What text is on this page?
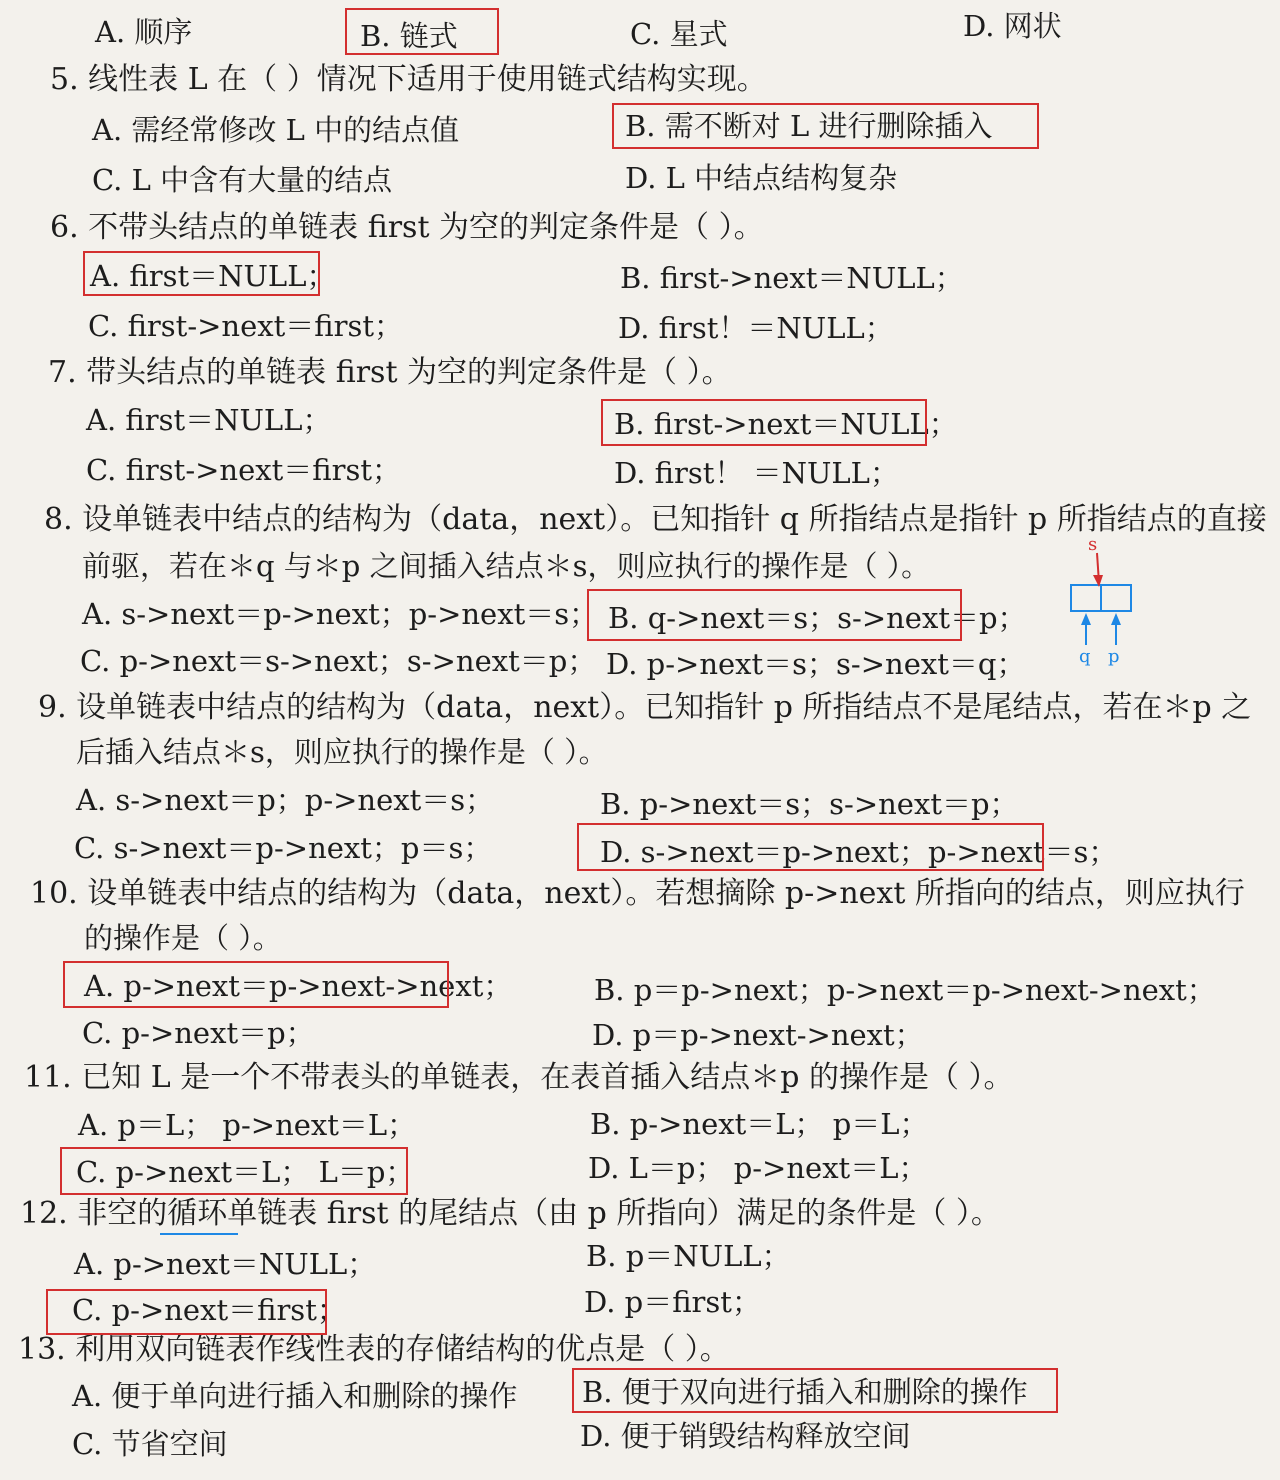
A. 顺序	B. 链式	C. 星式	D. 网状
5. 线性表 L 在（ ）情况下适用于使用链式结构实现。
A. 需经常修改 L 中的结点值	B. 需不断对 L 进行删除插入
C. L 中含有大量的结点	D. L 中结点结构复杂
6. 不带头结点的单链表 first 为空的判定条件是（ ）。
A. first＝NULL；	B. first->next＝NULL；
C. first->next＝first；	D. first！＝NULL；
7. 带头结点的单链表 first 为空的判定条件是（ ）。
A. first＝NULL；	B. first->next＝NULL；
C. first->next＝first；	D. first！ ＝NULL；
8. 设单链表中结点的结构为（data，next）。已知指针 q 所指结点是指针 p 所指结点的直接
前驱，若在＊q 与＊p 之间插入结点＊s，则应执行的操作是（ ）。
A. s->next＝p->next；p->next＝s； B. q->next＝s；s->next＝p；
C. p->next＝s->next；s->next＝p； D. p->next＝s；s->next＝q；
9. 设单链表中结点的结构为（data，next）。已知指针 p 所指结点不是尾结点，若在＊p 之
后插入结点＊s，则应执行的操作是（ ）。
A. s->next＝p；p->next＝s；	B. p->next＝s；s->next＝p；
C. s->next＝p->next；p＝s；	D. s->next＝p->next；p->next＝s；
10. 设单链表中结点的结构为（data，next）。若想摘除 p->next 所指向的结点，则应执行
的操作是（ ）。
A. p->next＝p->next->next；	B. p＝p->next；p->next＝p->next->next；
C. p->next＝p；	D. p＝p->next->next；
11. 已知 L 是一个不带表头的单链表，在表首插入结点＊p 的操作是（ ）。
A. p＝L； p->next＝L；	B. p->next＝L； p＝L；
C. p->next＝L； L＝p；	D. L＝p； p->next＝L；
12. 非空的循环单链表 first 的尾结点（由 p 所指向）满足的条件是（ ）。
A. p->next＝NULL；	B. p＝NULL；
C. p->next＝first；	D. p＝first；
13. 利用双向链表作线性表的存储结构的优点是（ ）。
A. 便于单向进行插入和删除的操作 B. 便于双向进行插入和删除的操作
C. 节省空间	D. 便于销毁结构释放空间
s
q p
